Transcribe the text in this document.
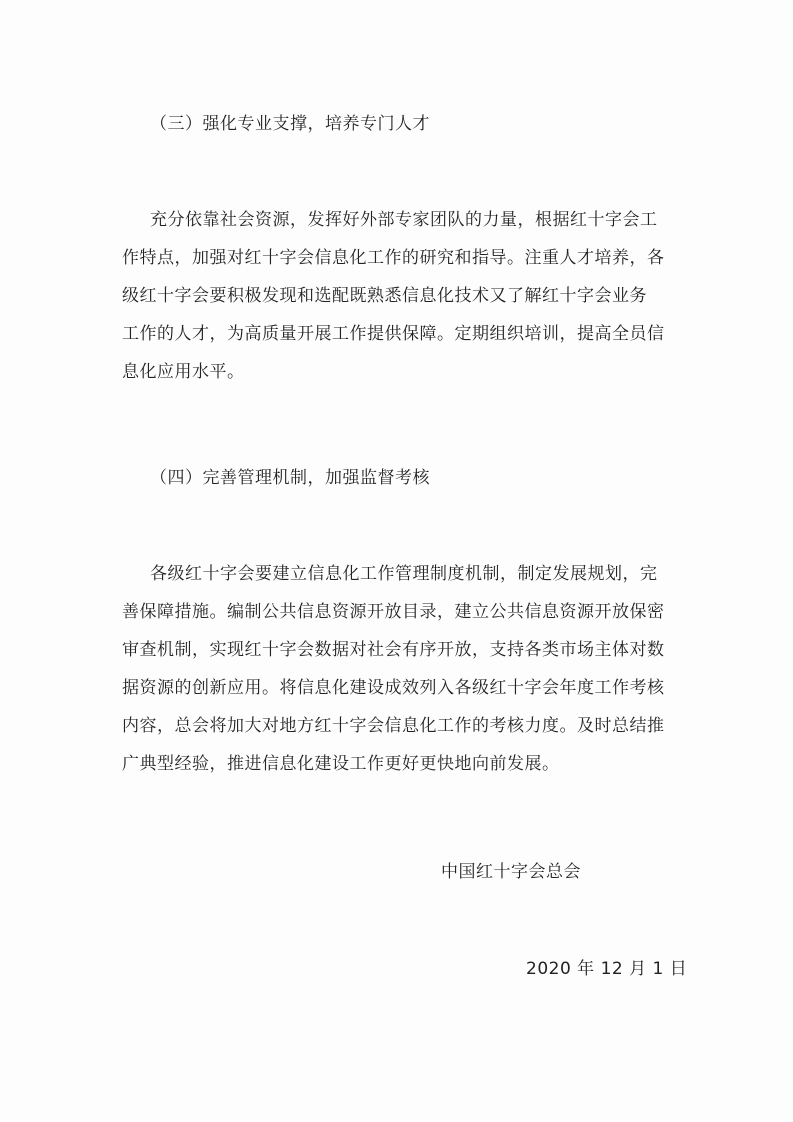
（三）强化专业支撑，培养专门人才
充分依靠社会资源，发挥好外部专家团队的力量，根据红十字会工
作特点，加强对红十字会信息化工作的研究和指导。注重人才培养，各
级红十字会要积极发现和选配既熟悉信息化技术又了解红十字会业务
工作的人才，为高质量开展工作提供保障。定期组织培训，提高全员信
息化应用水平。
（四）完善管理机制，加强监督考核
各级红十字会要建立信息化工作管理制度机制，制定发展规划，完
善保障措施。编制公共信息资源开放目录，建立公共信息资源开放保密
审查机制，实现红十字会数据对社会有序开放，支持各类市场主体对数
据资源的创新应用。将信息化建设成效列入各级红十字会年度工作考核
内容，总会将加大对地方红十字会信息化工作的考核力度。及时总结推
广典型经验，推进信息化建设工作更好更快地向前发展。
中国红十字会总会
2020 年 12 月 1 日
